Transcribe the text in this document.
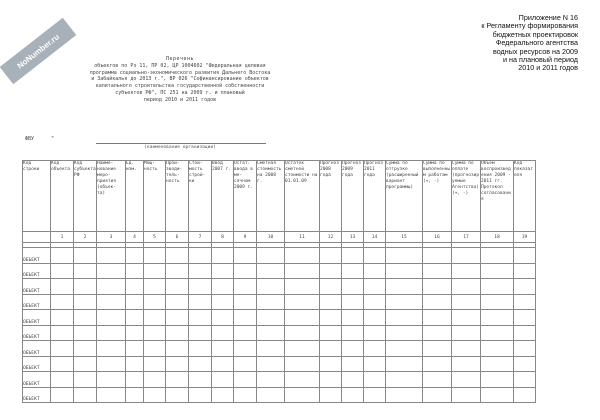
NoNumber.ru
Приложение N 16
к Регламенту формирования
бюджетных проектировок
Федерального агентства
водных ресурсов на 2009
и на плановый период
2010 и 2011 годов
Перечень
объектов по Рз 11, ПР 02, ЦР 1004602 "Федеральная целевая
программа социально-экономического развития Дальнего Востока
и Забайкалья до 2013 г.", ВР 026 "Софинансирование объектов
капитального строительства государственной собственности
субъектов РФ", ПС 251 на 2009 г. и плановый
период 2010 и 2011 годов
ФВУ	"
(наименование организации)
Код строки	Код объекта	Код субъекта РФ	Наиме- нование меро- приятия (объек- та)	Ед. изм.	Мощ- ность	Прои- зводи- тель- ность	Стои- мость строй- ки	Ввод 2007 г.	Остат. ввода в ме- сячном 2009 г.	Сметная стоимость на 2008 г.	Остаток сметной стоимости на 01.01.09	Прогноз 2008 года	Прогноз 2009 года	Прогноз 2011 года	Сумма по отгрузке (расширенный вариант программы)	Сумма по выполненным работам (+, -)	Сумма по оплате (прогнозируемые Агентства) (+, -)	Объем воспроизведения 2009 - 2011 гг. Протокол согласования	Код показателя
	1	2	3	4	5	6	7	8	9	10	11	12	13	14	15	16	17	18	19

ОБЪЕКТ																			
ОБЪЕКТ																			
ОБЪЕКТ																			
ОБЪЕКТ																			
ОБЪЕКТ																			
ОБЪЕКТ																			
ОБЪЕКТ																			
ОБЪЕКТ																			
ОБЪЕКТ																			
ОБЪЕКТ																			
